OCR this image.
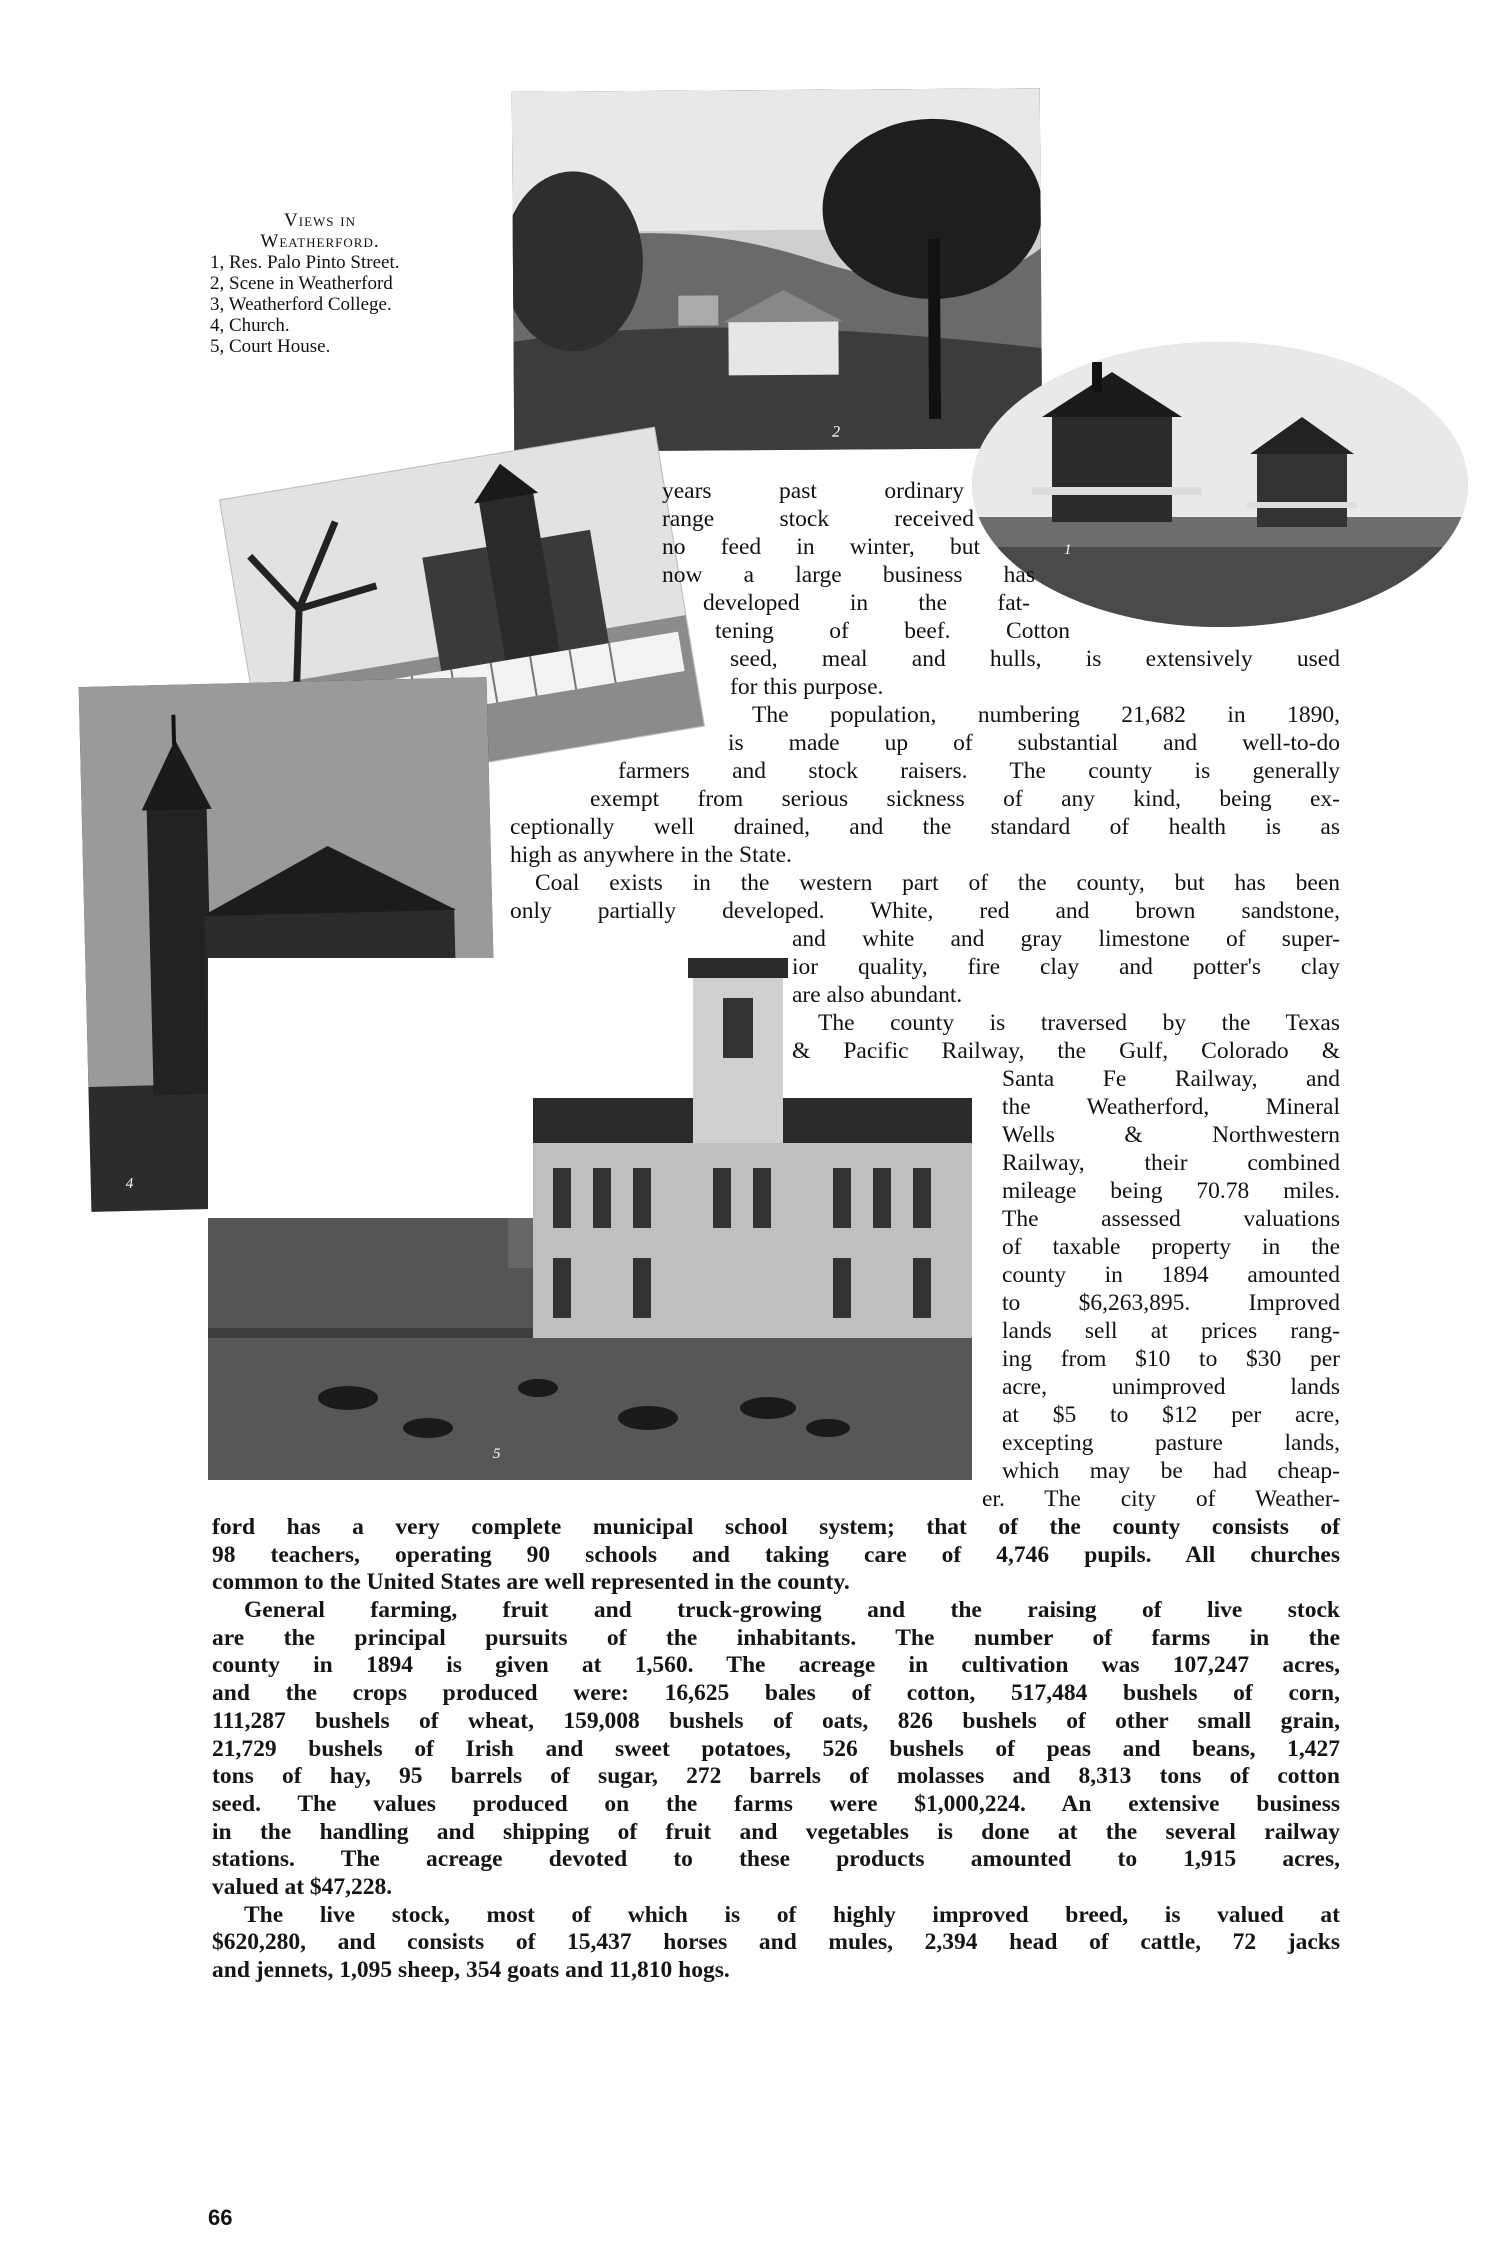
Views in
Weatherford.
1, Res. Palo Pinto Street.
2, Scene in Weatherford
3, Weatherford College.
4, Church.
5, Court House.
2
1
4
5
years past ordinary
range stock received
no feed in winter, but
now a large business has
developed in the fat-
tening of beef. Cotton
seed, meal and hulls, is extensively used
for this purpose.
The population, numbering 21,682 in 1890,
is made up of substantial and well-to-do
farmers and stock raisers. The county is generally
exempt from serious sickness of any kind, being ex-
ceptionally well drained, and the standard of health is as
high as anywhere in the State.
Coal exists in the western part of the county, but has been
only partially developed. White, red and brown sandstone,
and white and gray limestone of super-
ior quality, fire clay and potter's clay
are also abundant.
The county is traversed by the Texas
& Pacific Railway, the Gulf, Colorado &
Santa Fe Railway, and
the Weatherford, Mineral
Wells & Northwestern
Railway, their combined
mileage being 70.78 miles.
The assessed valuations
of taxable property in the
county in 1894 amounted
to $6,263,895. Improved
lands sell at prices rang-
ing from $10 to $30 per
acre, unimproved lands
at $5 to $12 per acre,
excepting pasture lands,
which may be had cheap-
er. The city of Weather-
ford has a very complete municipal school system; that of the county consists of
98 teachers, operating 90 schools and taking care of 4,746 pupils. All churches
common to the United States are well represented in the county.
General farming, fruit and truck-growing and the raising of live stock
are the principal pursuits of the inhabitants. The number of farms in the
county in 1894 is given at 1,560. The acreage in cultivation was 107,247 acres,
and the crops produced were: 16,625 bales of cotton, 517,484 bushels of corn,
111,287 bushels of wheat, 159,008 bushels of oats, 826 bushels of other small grain,
21,729 bushels of Irish and sweet potatoes, 526 bushels of peas and beans, 1,427
tons of hay, 95 barrels of sugar, 272 barrels of molasses and 8,313 tons of cotton
seed. The values produced on the farms were $1,000,224. An extensive business
in the handling and shipping of fruit and vegetables is done at the several railway
stations. The acreage devoted to these products amounted to 1,915 acres,
valued at $47,228.
The live stock, most of which is of highly improved breed, is valued at
$620,280, and consists of 15,437 horses and mules, 2,394 head of cattle, 72 jacks
and jennets, 1,095 sheep, 354 goats and 11,810 hogs.
66
